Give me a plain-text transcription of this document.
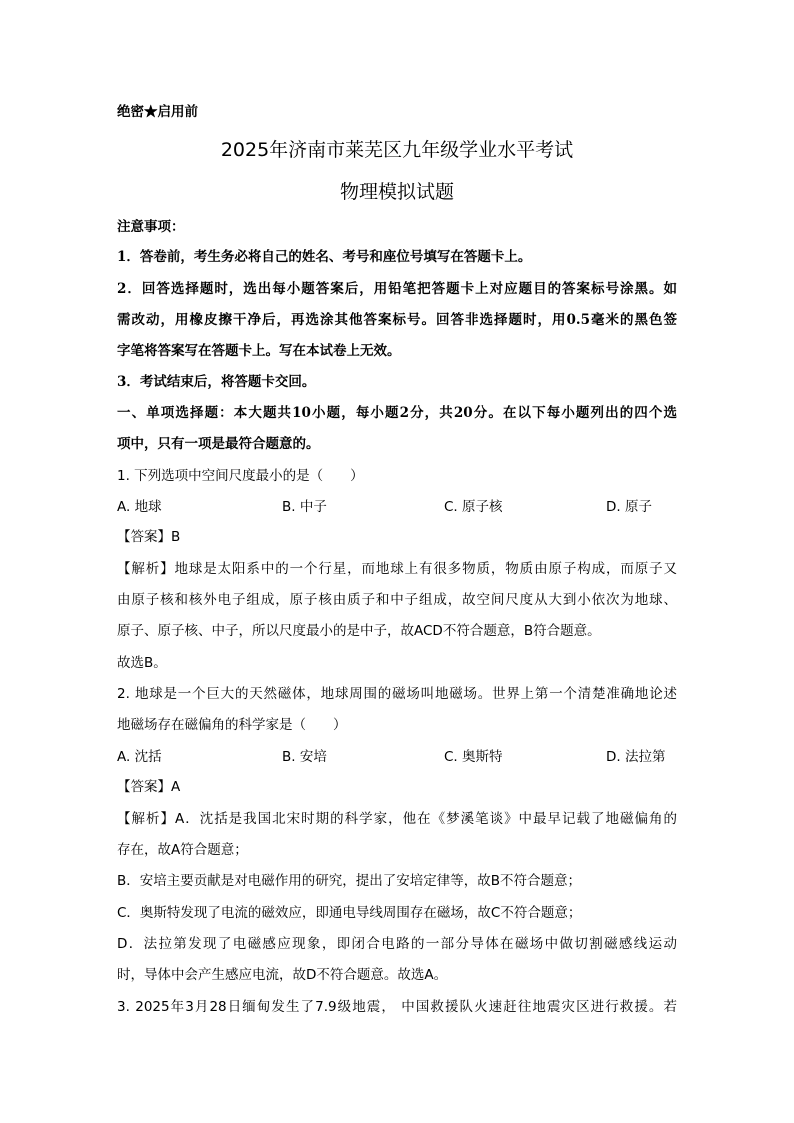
绝密★启用前
2025年济南市莱芜区九年级学业水平考试
物理模拟试题
注意事项：
1．答卷前，考生务必将自己的姓名、考号和座位号填写在答题卡上。
2．回答选择题时，选出每小题答案后，用铅笔把答题卡上对应题目的答案标号涂黑。如
需改动，用橡皮擦干净后，再选涂其他答案标号。回答非选择题时，用0.5毫米的黑色签
字笔将答案写在答题卡上。写在本试卷上无效。
3．考试结束后，将答题卡交回。
一、单项选择题：本大题共10小题，每小题2分，共20分。在以下每小题列出的四个选
项中，只有一项是最符合题意的。
1. 下列选项中空间尺度最小的是（　　）
A. 地球	B. 中子	C. 原子核	D. 原子
【答案】B
【解析】地球是太阳系中的一个行星，而地球上有很多物质，物质由原子构成，而原子又
由原子核和核外电子组成，原子核由质子和中子组成，故空间尺度从大到小依次为地球、
原子、原子核、中子，所以尺度最小的是中子，故ACD不符合题意，B符合题意。
故选B。
2. 地球是一个巨大的天然磁体，地球周围的磁场叫地磁场。世界上第一个清楚准确地论述
地磁场存在磁偏角的科学家是（　　）
A. 沈括	B. 安培	C. 奥斯特	D. 法拉第
【答案】A
【解析】A．沈括是我国北宋时期的科学家，他在《梦溪笔谈》中最早记载了地磁偏角的
存在，故A符合题意；
B．安培主要贡献是对电磁作用的研究，提出了安培定律等，故B不符合题意；
C．奥斯特发现了电流的磁效应，即通电导线周围存在磁场，故C不符合题意；
D．法拉第发现了电磁感应现象，即闭合电路的一部分导体在磁场中做切割磁感线运动
时，导体中会产生感应电流，故D不符合题意。故选A。
3. 2025年3月28日缅甸发生了7.9级地震， 中国救援队火速赶往地震灾区进行救援。若
